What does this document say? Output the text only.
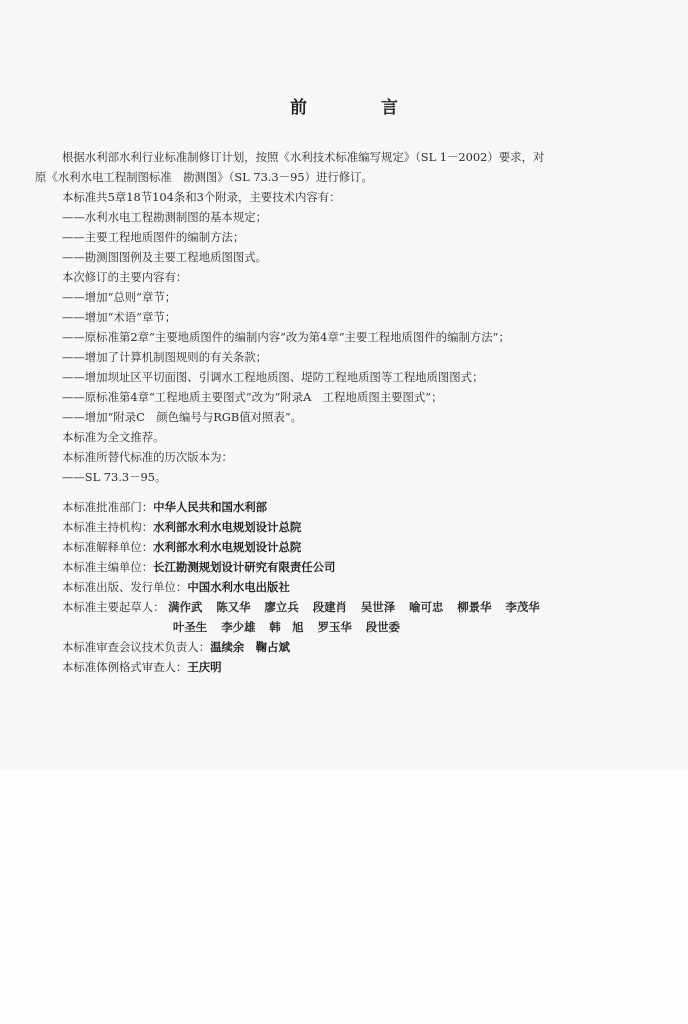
前 言

根据水利部水利行业标准制修订计划，按照《水利技术标准编写规定》（SL 1－2002）要求，对

原《水利水电工程制图标准　勘测图》（SL 73.3－95）进行修订。

本标准共5章18节104条和3个附录，主要技术内容有：

——水利水电工程勘测制图的基本规定；

——主要工程地质图件的编制方法；

——勘测图图例及主要工程地质图图式。

本次修订的主要内容有：

——增加“总则”章节；

——增加“术语”章节；

——原标准第2章“主要地质图件的编制内容”改为第4章“主要工程地质图件的编制方法”；

——增加了计算机制图规则的有关条款；

——增加坝址区平切面图、引调水工程地质图、堤防工程地质图等工程地质图图式；

——原标准第4章“工程地质主要图式”改为“附录A　工程地质图主要图式”；

——增加“附录C　颜色编号与RGB值对照表”。

本标准为全文推荐。

本标准所替代标准的历次版本为：

——SL 73.3－95。

本标准批准部门：中华人民共和国水利部
本标准主持机构：水利部水利水电规划设计总院
本标准解释单位：水利部水利水电规划设计总院
本标准主编单位：长江勘测规划设计研究有限责任公司
本标准出版、发行单位：中国水利水电出版社
本标准主要起草人： 满作武 陈又华 廖立兵 段建肖 吴世泽 喻可忠 柳景华 李茂华
叶圣生 李少雄 韩　旭 罗玉华 段世委
本标准审查会议技术负责人：温续余　鞠占斌
本标准体例格式审查人：王庆明
